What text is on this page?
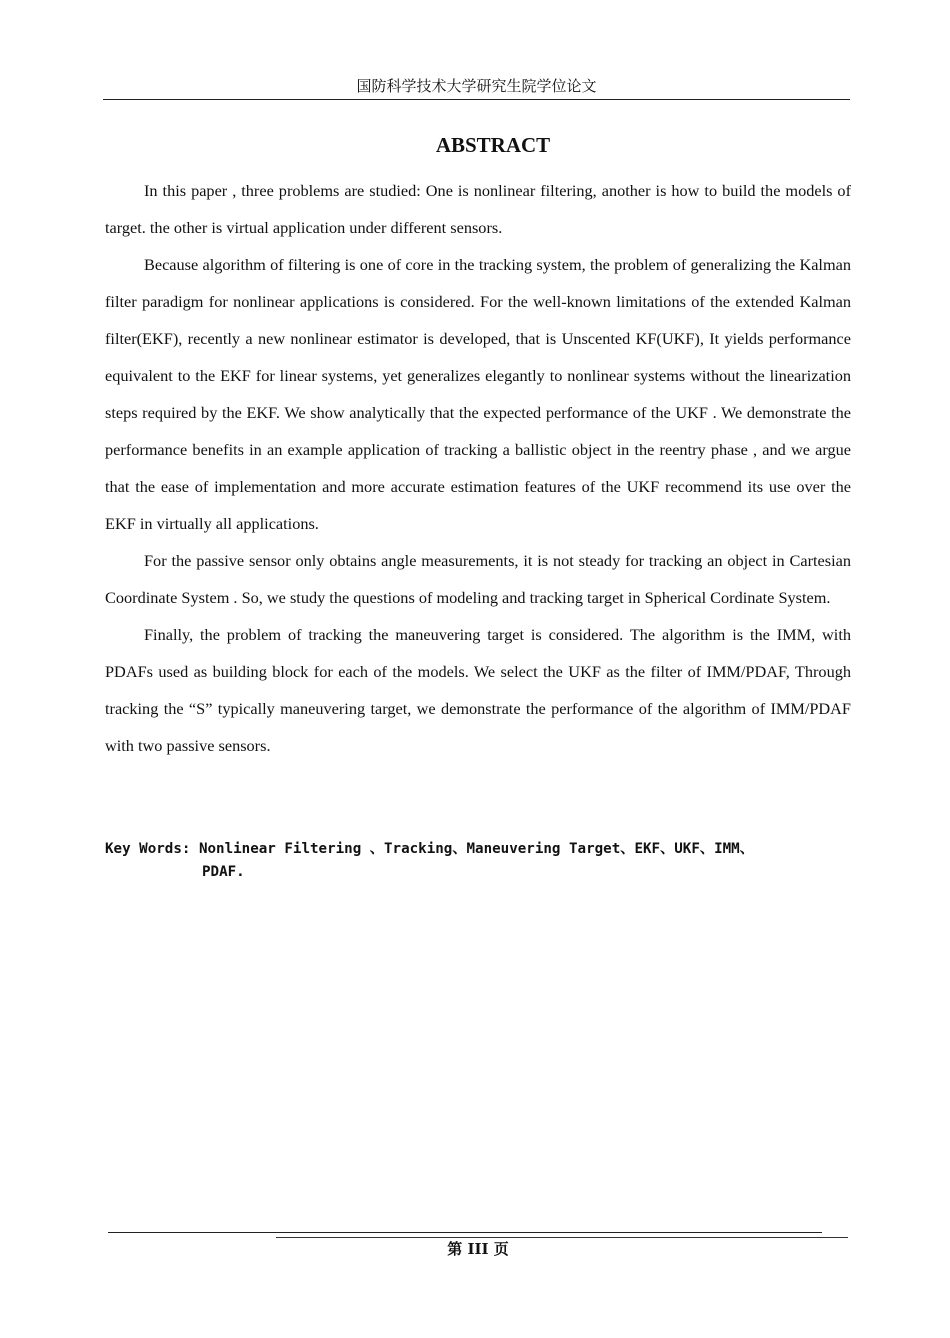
国防科学技术大学研究生院学位论文
ABSTRACT

In this paper , three problems are studied: One is nonlinear filtering, another is how to build the models of target. the other is virtual application under different sensors.

Because algorithm of filtering is one of core in the tracking system, the problem of generalizing the Kalman filter paradigm for nonlinear applications is considered. For the well-known limitations of the extended Kalman filter(EKF), recently a new nonlinear estimator is developed, that is Unscented KF(UKF), It yields performance equivalent to the EKF for linear systems, yet generalizes elegantly to nonlinear systems without the linearization steps required by the EKF. We show analytically that the expected performance of the UKF . We demonstrate the performance benefits in an example application of tracking a ballistic object in the reentry phase , and we argue that the ease of implementation and more accurate estimation features of the UKF recommend its use over the EKF in virtually all applications.

For the passive sensor only obtains angle measurements, it is not steady for tracking an object in Cartesian Coordinate System . So, we study the questions of modeling and tracking target in Spherical Cordinate System.

Finally, the problem of tracking the maneuvering target is considered. The algorithm is the IMM, with PDAFs used as building block for each of the models. We select the UKF as the filter of IMM/PDAF, Through tracking the “S” typically maneuvering target, we demonstrate the performance of the algorithm of IMM/PDAF with two passive sensors.

Key Words: Nonlinear Filtering 、Tracking、Maneuvering Target、EKF、UKF、IMM、
PDAF.
第 III 页
